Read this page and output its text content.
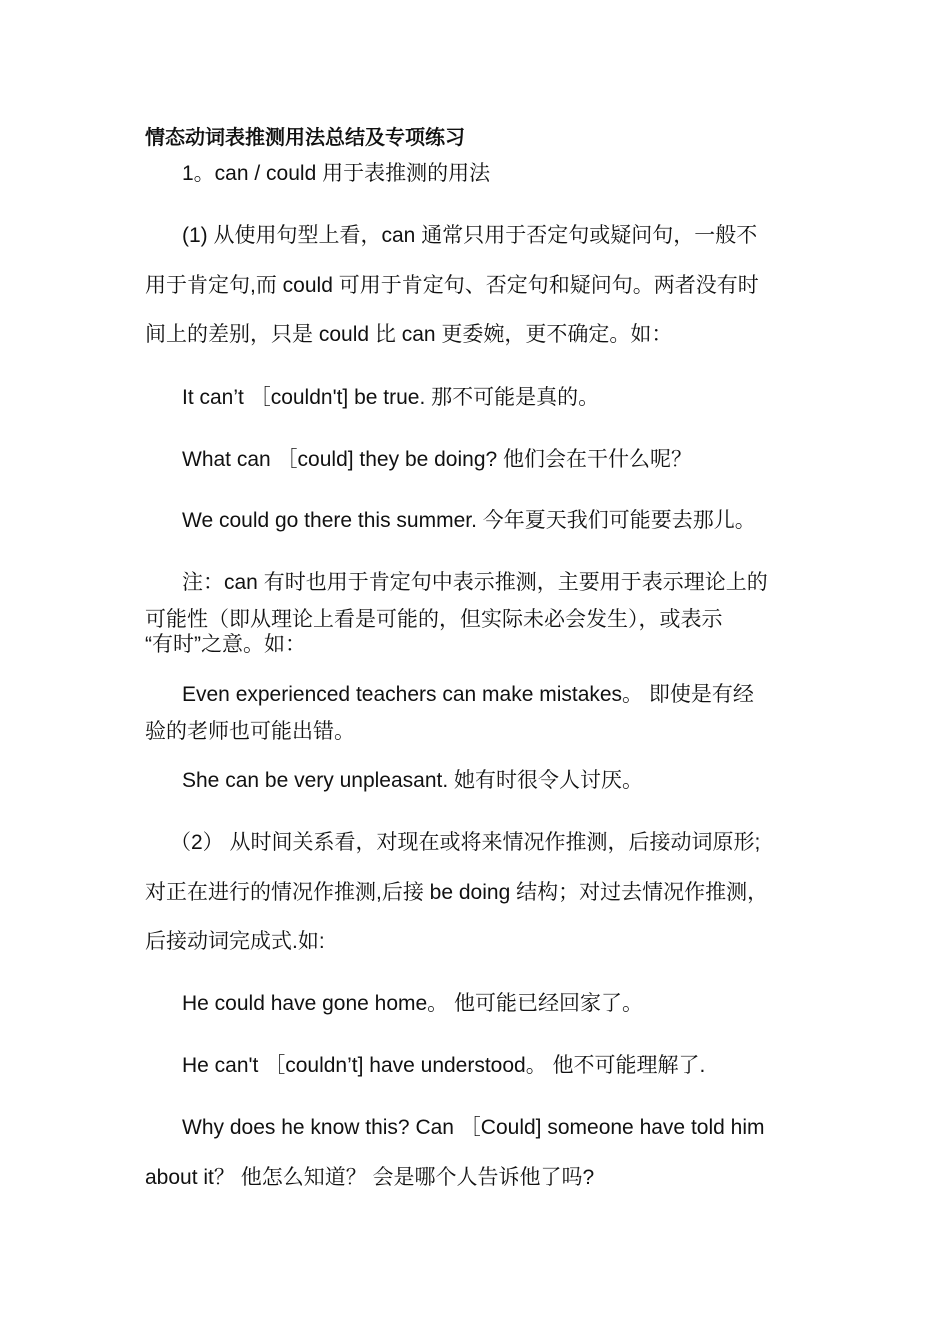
情态动词表推测用法总结及专项练习
1。can / could 用于表推测的用法
(1) 从使用句型上看，can 通常只用于否定句或疑问句，一般不
用于肯定句,而 could 可用于肯定句、否定句和疑问句。两者没有时
间上的差别，只是 could 比 can 更委婉，更不确定。如：
It can’t ［couldn't] be true. 那不可能是真的。
What can ［could] they be doing? 他们会在干什么呢？
We could go there this summer. 今年夏天我们可能要去那儿。
注：can 有时也用于肯定句中表示推测，主要用于表示理论上的
可能性（即从理论上看是可能的，但实际未必会发生），或表示
“有时”之意。如：
Even experienced teachers can make mistakes。 即使是有经
验的老师也可能出错。
She can be very unpleasant. 她有时很令人讨厌。
（2） 从时间关系看，对现在或将来情况作推测，后接动词原形;
对正在进行的情况作推测,后接 be doing 结构；对过去情况作推测，
后接动词完成式.如:
He could have gone home。 他可能已经回家了。
He can't ［couldn’t] have understood。 他不可能理解了.
Why does he know this? Can ［Could] someone have told him
about it？ 他怎么知道？ 会是哪个人告诉他了吗?
